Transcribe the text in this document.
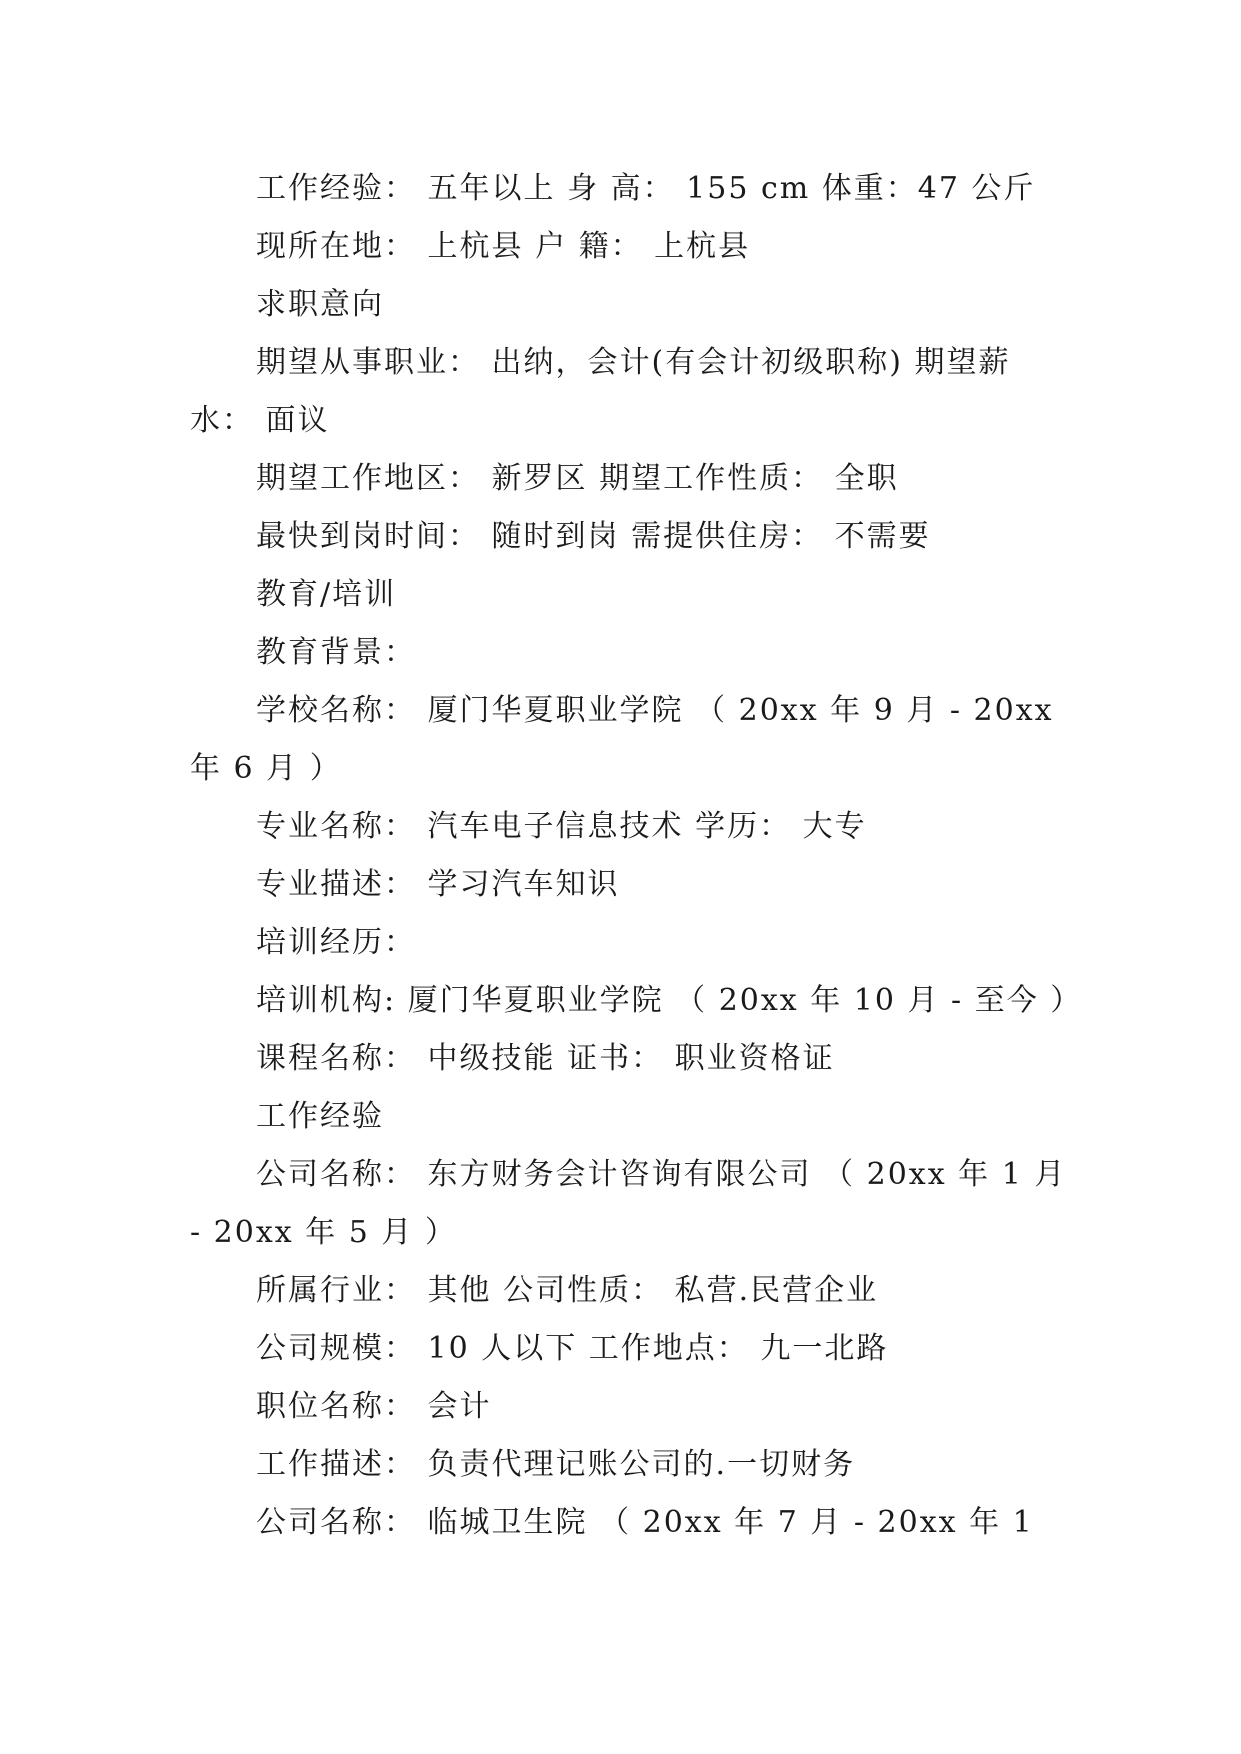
工作经验： 五年以上 身 高： 155 cm 体重：47 公斤

现所在地： 上杭县 户 籍： 上杭县

求职意向

期望从事职业： 出纳，会计(有会计初级职称) 期望薪

水： 面议

期望工作地区： 新罗区 期望工作性质： 全职

最快到岗时间： 随时到岗 需提供住房： 不需要

教育/培训

教育背景：

学校名称： 厦门华夏职业学院 （ 20xx 年 9 月 - 20xx

年 6 月 ）

专业名称： 汽车电子信息技术 学历： 大专

专业描述： 学习汽车知识

培训经历：

培训机构: 厦门华夏职业学院 （ 20xx 年 10 月 - 至今 ）

课程名称： 中级技能 证书： 职业资格证

工作经验

公司名称： 东方财务会计咨询有限公司 （ 20xx 年 1 月

- 20xx 年 5 月 ）

所属行业： 其他 公司性质： 私营.民营企业

公司规模： 10 人以下 工作地点： 九一北路

职位名称： 会计

工作描述： 负责代理记账公司的.一切财务

公司名称： 临城卫生院 （ 20xx 年 7 月 - 20xx 年 1
